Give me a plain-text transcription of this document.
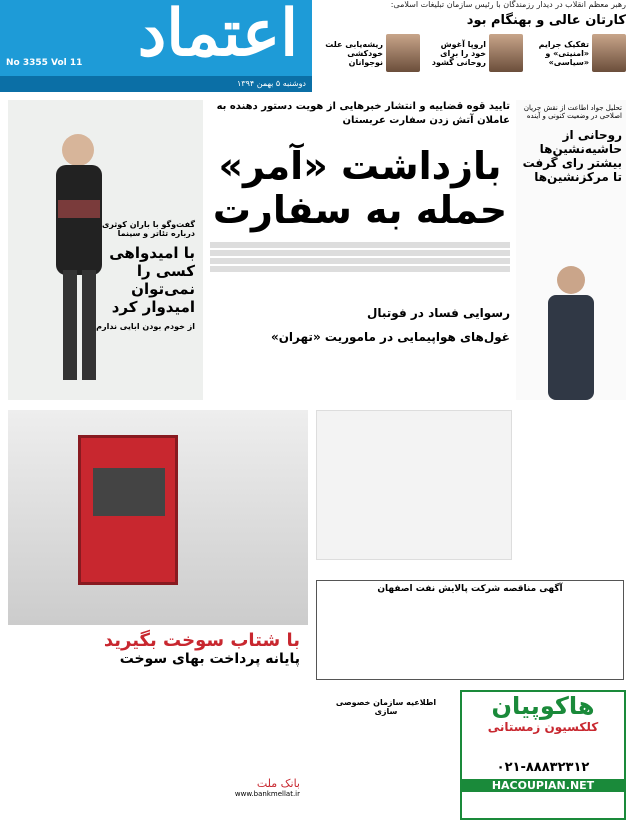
اعتماد
No 3355 Vol 11
دوشنبه ۵ بهمن ۱۳۹۴
رهبر معظم انقلاب در دیدار رزمندگان با رئیس سازمان تبلیغات اسلامی:
کارتان عالی و بهنگام بود
تفکیک جرایم «امنیتی» و «سیاسی»
اروپا آغوش خود را برای روحانی گشود
ریشه‌یابی علت خودکشی نوجوانان
گفت‌وگو با باران کوثری درباره تئاتر و سینما
با امیدواهی کسی را نمی‌توان امیدوار کرد
از خودم بودن ابایی ندارم
تایید قوه قضاییه و انتشار خبرهایی از هویت دستور دهنده به عاملان آتش زدن سفارت عربستان
بازداشت «آمر» حمله به سفارت
رسوایی فساد در فوتبال
غول‌های هواپیمایی در ماموریت «تهران»
تحلیل جواد اطاعت از نقش جریان اصلاحی در وضعیت کنونی و آینده
روحانی از حاشیه‌نشین‌ها بیشتر رای گرفت تا مرکزنشین‌ها
با شتاب سوخت بگیرید
پایانه پرداخت بهای سوخت
بانک ملت
www.bankmellat.ir
آگهی مناقصه شرکت پالایش نفت اصفهان
اطلاعیه سازمان خصوصی سازی	هاکوپیان
کلکسیون زمستانی
۰۲۱-۸۸۸۳۲۳۱۲
HACOUPIAN.NET
